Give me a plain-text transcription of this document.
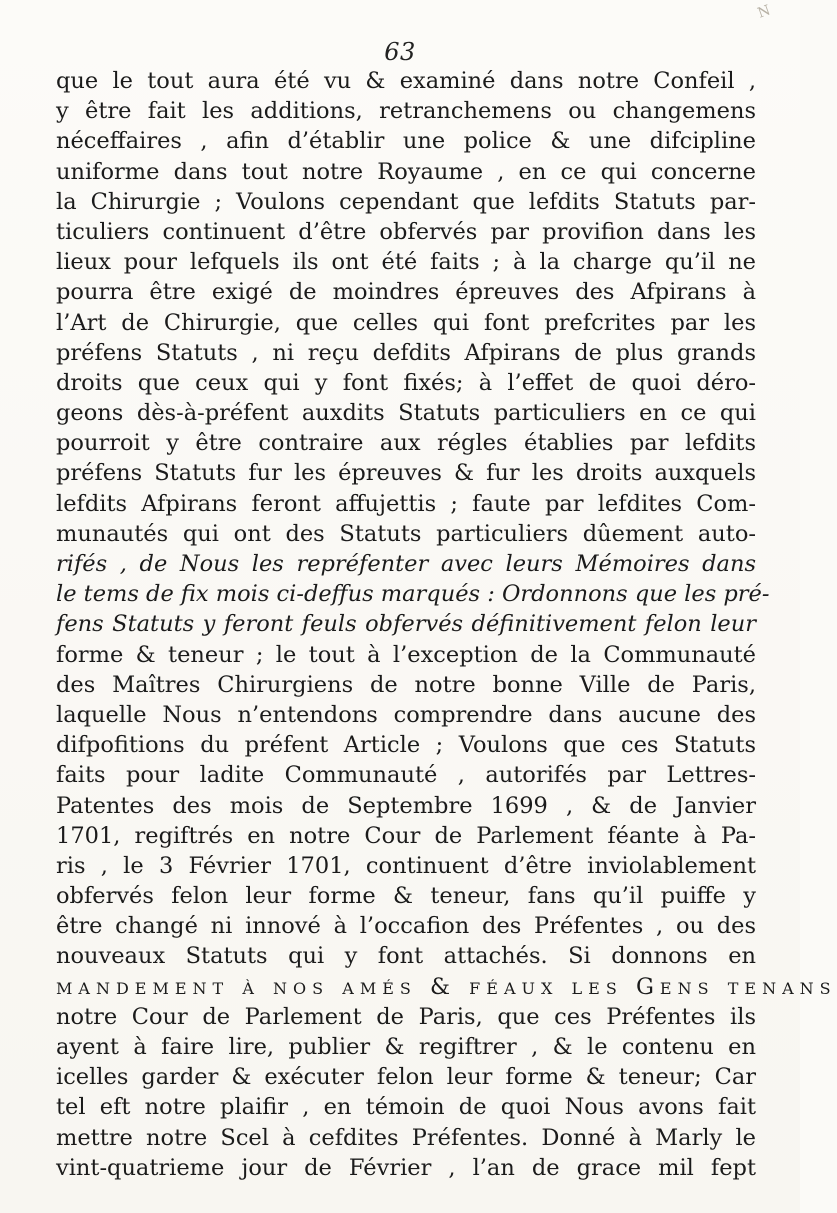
N
63
que le tout aura été vu & examiné dans notre Confeil ,
y être fait les additions, retranchemens ou changemens
néceffaires , afin d’établir une police & une difcipline
uniforme dans tout notre Royaume , en ce qui concerne
la Chirurgie ; Voulons cependant que lefdits Statuts par-
ticuliers continuent d’être obfervés par provifion dans les
lieux pour lefquels ils ont été faits ; à la charge qu’il ne
pourra être exigé de moindres épreuves des Afpirans à
l’Art de Chirurgie, que celles qui font prefcrites par les
préfens Statuts , ni reçu defdits Afpirans de plus grands
droits que ceux qui y font fixés; à l’effet de quoi déro-
geons dès-à-préfent auxdits Statuts particuliers en ce qui
pourroit y être contraire aux régles établies par lefdits
préfens Statuts fur les épreuves & fur les droits auxquels
lefdits Afpirans feront affujettis ; faute par lefdites Com-
munautés qui ont des Statuts particuliers dûement auto-
rifés , de Nous les repréfenter avec leurs Mémoires dans
le tems de fix mois ci-deffus marqués : Ordonnons que les pré-
fens Statuts y feront feuls obfervés définitivement felon leur
forme & teneur ; le tout à l’exception de la Communauté
des Maîtres Chirurgiens de notre bonne Ville de Paris,
laquelle Nous n’entendons comprendre dans aucune des
difpofitions du préfent Article ; Voulons que ces Statuts
faits pour ladite Communauté , autorifés par Lettres-
Patentes des mois de Septembre 1699 , & de Janvier
1701, regiftrés en notre Cour de Parlement féante à Pa-
ris , le 3 Février 1701, continuent d’être inviolablement
obfervés felon leur forme & teneur, fans qu’il puiffe y
être changé ni innové à l’occafion des Préfentes , ou des
nouveaux Statuts qui y font attachés. Si donnons en
mandement à nos amés & féaux les Gens tenans
notre Cour de Parlement de Paris, que ces Préfentes ils
ayent à faire lire, publier & regiftrer , & le contenu en
icelles garder & exécuter felon leur forme & teneur; Car
tel eft notre plaifir , en témoin de quoi Nous avons fait
mettre notre Scel à cefdites Préfentes. Donné à Marly le
vint-quatrieme jour de Février , l’an de grace mil fept
